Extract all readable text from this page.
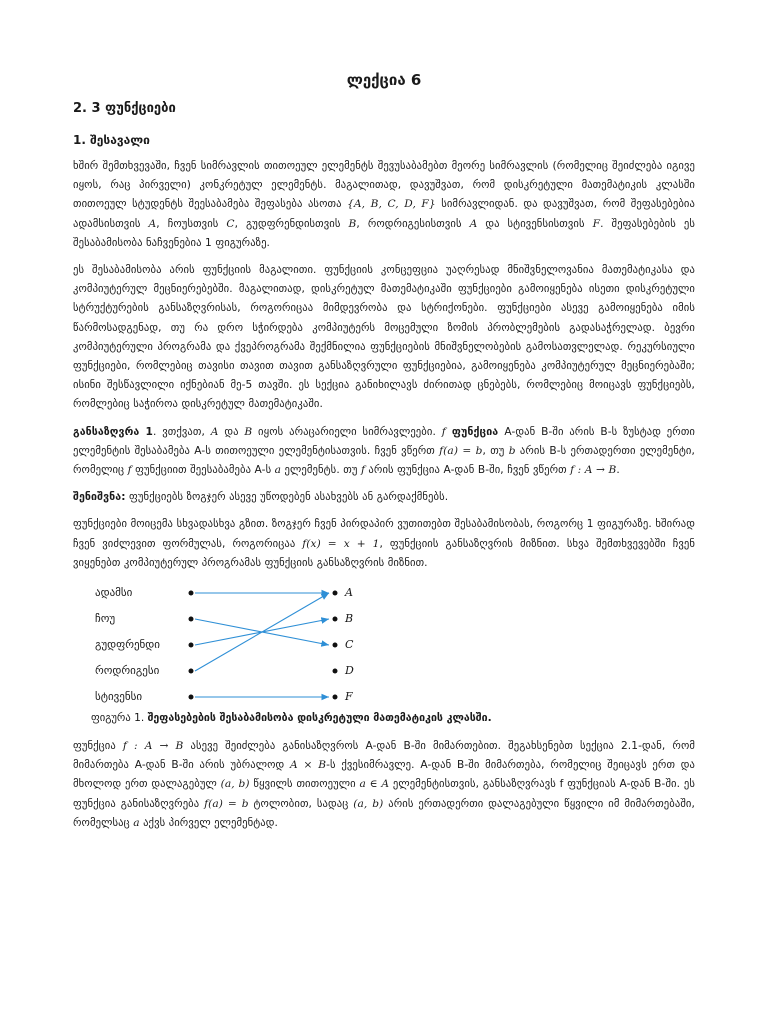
ლექცია 6
2. 3 ფუნქციები
1. შესავალი

ხშირ შემთხვევაში, ჩვენ სიმრავლის თითოეულ ელემენტს შევუსაბამებთ მეორე სიმრავლის (რომელიც შეიძლება იგივე იყოს, რაც პირველი) კონკრეტულ ელემენტს. მაგალითად, დავუშვათ, რომ დისკრეტული მათემატიკის კლასში თითოეულ სტუდენტს შეესაბამება შეფასება ასოთა {A, B, C, D, F} სიმრავლიდან. და დავუშვათ, რომ შეფასებებია ადამსისთვის A, ჩოუსთვის C, გუდფრენდისთვის B, როდრიგესისთვის A და სტივენსისთვის F. შეფასებების ეს შესაბამისობა ნაჩვენებია 1 ფიგურაზე.

ეს შესაბამისობა არის ფუნქციის მაგალითი. ფუნქციის კონცეფცია უაღრესად მნიშვნელოვანია მათემატიკასა და კომპიუტერულ მეცნიერებებში. მაგალითად, დისკრეტულ მათემატიკაში ფუნქციები გამოიყენება ისეთი დისკრეტული სტრუქტურების განსაზღვრისას, როგორიცაა მიმდევრობა და სტრიქონები. ფუნქციები ასევე გამოიყენება იმის წარმოსადგენად, თუ რა დრო სჭირდება კომპიუტერს მოცემული ზომის პრობლემების გადასაჭრელად. ბევრი კომპიუტერული პროგრამა და ქვეპროგრამა შექმნილია ფუნქციების მნიშვნელობების გამოსათვლელად. რეკურსიული ფუნქციები, რომლებიც თავისი თავით თავით განსაზღვრული ფუნქციებია, გამოიყენება კომპიუტერულ მეცნიერებაში; ისინი შესწავლილი იქნებიან მე-5 თავში. ეს სექცია განიხილავს ძირითად ცნებებს, რომლებიც მოიცავს ფუნქციებს, რომლებიც საჭიროა დისკრეტულ მათემატიკაში.

განსაზღვრა 1. ვთქვათ, A და B იყოს არაცარიელი სიმრავლეები. f ფუნქცია A-დან B-ში არის B-ს ზუსტად ერთი ელემენტის შესაბამება A-ს თითოეული ელემენტისათვის. ჩვენ ვწერთ f(a) = b, თუ b არის B-ს ერთადერთი ელემენტი, რომელიც f ფუნქციით შეესაბამება A-ს a ელემენტს. თუ f არის ფუნქცია A-დან B-ში, ჩვენ ვწერთ f : A → B.

შენიშვნა: ფუნქციებს ზოგჯერ ასევე უწოდებენ ასახვებს ან გარდაქმნებს.

ფუნქციები მოიცემა სხვადასხვა გზით. ზოგჯერ ჩვენ პირდაპირ ვუთითებთ შესაბამისობას, როგორც 1 ფიგურაზე. ხშირად ჩვენ ვიძლევით ფორმულას, როგორიცაა f(x) = x + 1, ფუნქციის განსაზღვრის მიზნით. სხვა შემთხვევებში ჩვენ ვიყენებთ კომპიუტერულ პროგრამას ფუნქციის განსაზღვრის მიზნით.

ადამსი
ჩოუ
გუდფრენდი
როდრიგესი
სტივენსი
A
B
C
D
F
ფიგურა 1. შეფასებების შესაბამისობა დისკრეტული მათემატიკის კლასში.

ფუნქცია f : A → B ასევე შეიძლება განისაზღვროს A-დან B-ში მიმართებით. შეგახსენებთ სექცია 2.1-დან, რომ მიმართება A-დან B-ში არის უბრალოდ A × B-ს ქვესიმრავლე. A-დან B-ში მიმართება, რომელიც შეიცავს ერთ და მხოლოდ ერთ დალაგებულ (a, b) წყვილს თითოეული a ∈ A ელემენტისთვის, განსაზღვრავს f ფუნქციას A-დან B-ში. ეს ფუნქცია განისაზღვრება f(a) = b ტოლობით, სადაც (a, b) არის ერთადერთი დალაგებული წყვილი იმ მიმართებაში, რომელსაც a აქვს პირველ ელემენტად.
